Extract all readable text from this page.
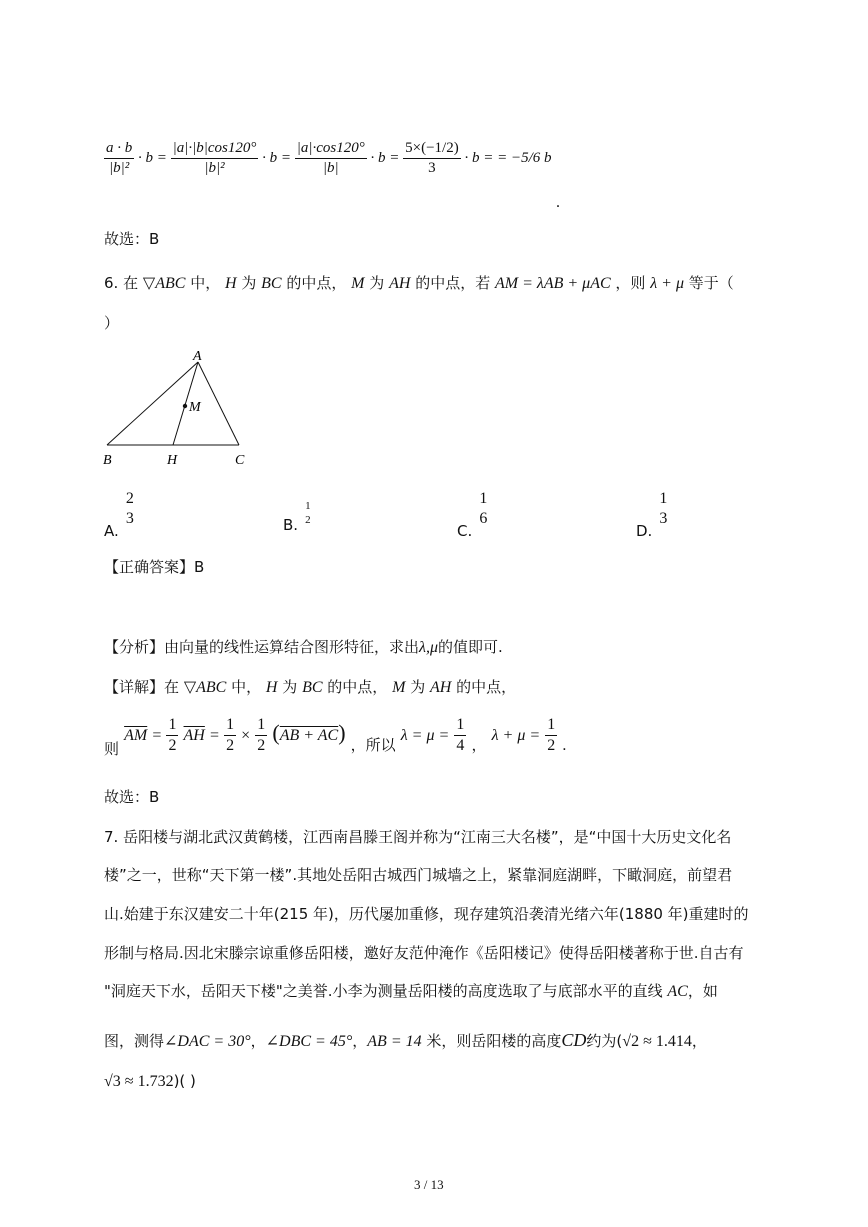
$\frac{a \cdot b}{\text{|b|²}} \cdot b = \frac{|a|\cdot|b|\cos 120^\circ}{\text{|b|²}} \cdot b = \frac{|a|\cdot\cos 120^\circ}{|b|} \cdot b = \frac{5\times(-1/2)}{3} \cdot b$ = = −5/6 b
.
故选：B
6. 在 ▽ABC 中， H 为 BC 的中点， M 为 AH 的中点，若 AM = λAB + μAC ，则 λ + μ 等于（
）
A
M
B	H	C
A.
2
3	B.
1
2
C.
1
6
D.
1
3
【正确答案】B
【分析】由向量的线性运算结合图形特征，求出λ,μ的值即可.
【详解】在 ▽ABC 中， H 为 BC 的中点， M 为 AH 的中点，
则 $\overline{AM} = \frac{1}{2} \overline{AH} = \frac{1}{2} \times \frac{1}{2} (AB + AC)$ ，所以 $\lambda = \mu = \frac{1}{4}$ ， $\lambda + \mu = \frac{1}{2}$ .
故选：B
7. 岳阳楼与湖北武汉黄鹤楼，江西南昌滕王阁并称为“江南三大名楼”，是“中国十大历史文化名
楼”之一，世称“天下第一楼”.其地处岳阳古城西门城墙之上，紧靠洞庭湖畔，下瞰洞庭，前望君
山.始建于东汉建安二十年(215 年)，历代屡加重修，现存建筑沿袭清光绪六年(1880 年)重建时的
形制与格局.因北宋滕宗谅重修岳阳楼，邀好友范仲淹作《岳阳楼记》使得岳阳楼著称于世.自古有
"洞庭天下水，岳阳天下楼"之美誉.小李为测量岳阳楼的高度选取了与底部水平的直线 AC，如
图，测得∠DAC = 30°，∠DBC = 45°，AB = 14 米，则岳阳楼的高度CD约为(√2 ≈ 1.414，
√3 ≈ 1.732)( )
3 / 13
